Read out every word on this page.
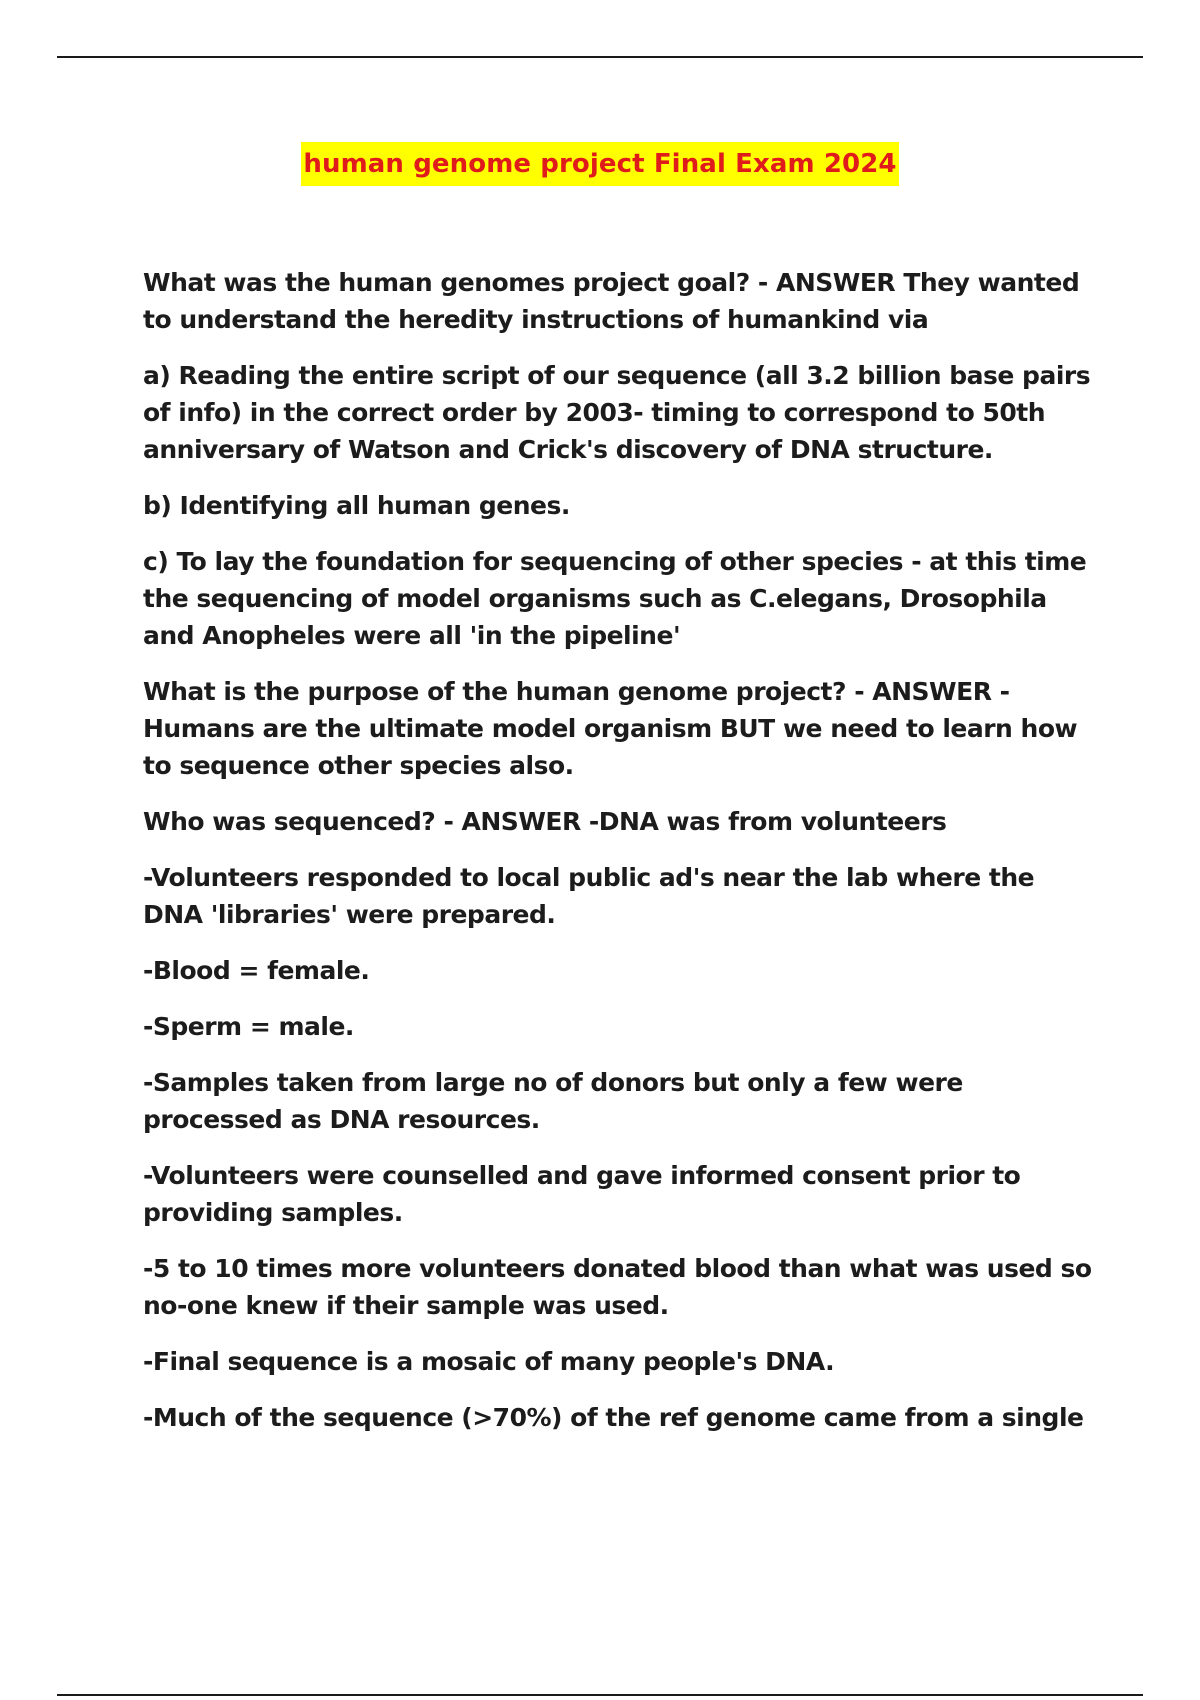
human genome project Final Exam 2024

What was the human genomes project goal? - ANSWER They wanted to understand the heredity instructions of humankind via

a) Reading the entire script of our sequence (all 3.2 billion base pairs of info) in the correct order by 2003- timing to correspond to 50th anniversary of Watson and Crick's discovery of DNA structure.

b) Identifying all human genes.

c) To lay the foundation for sequencing of other species - at this time the sequencing of model organisms such as C.elegans, Drosophila and Anopheles were all 'in the pipeline'

What is the purpose of the human genome project? - ANSWER -Humans are the ultimate model organism BUT we need to learn how to sequence other species also.

Who was sequenced? - ANSWER -DNA was from volunteers

-Volunteers responded to local public ad's near the lab where the DNA 'libraries' were prepared.

-Blood = female.

-Sperm = male.

-Samples taken from large no of donors but only a few were processed as DNA resources.

-Volunteers were counselled and gave informed consent prior to providing samples.

-5 to 10 times more volunteers donated blood than what was used so no-one knew if their sample was used.

-Final sequence is a mosaic of many people's DNA.

-Much of the sequence (>70%) of the ref genome came from a single
